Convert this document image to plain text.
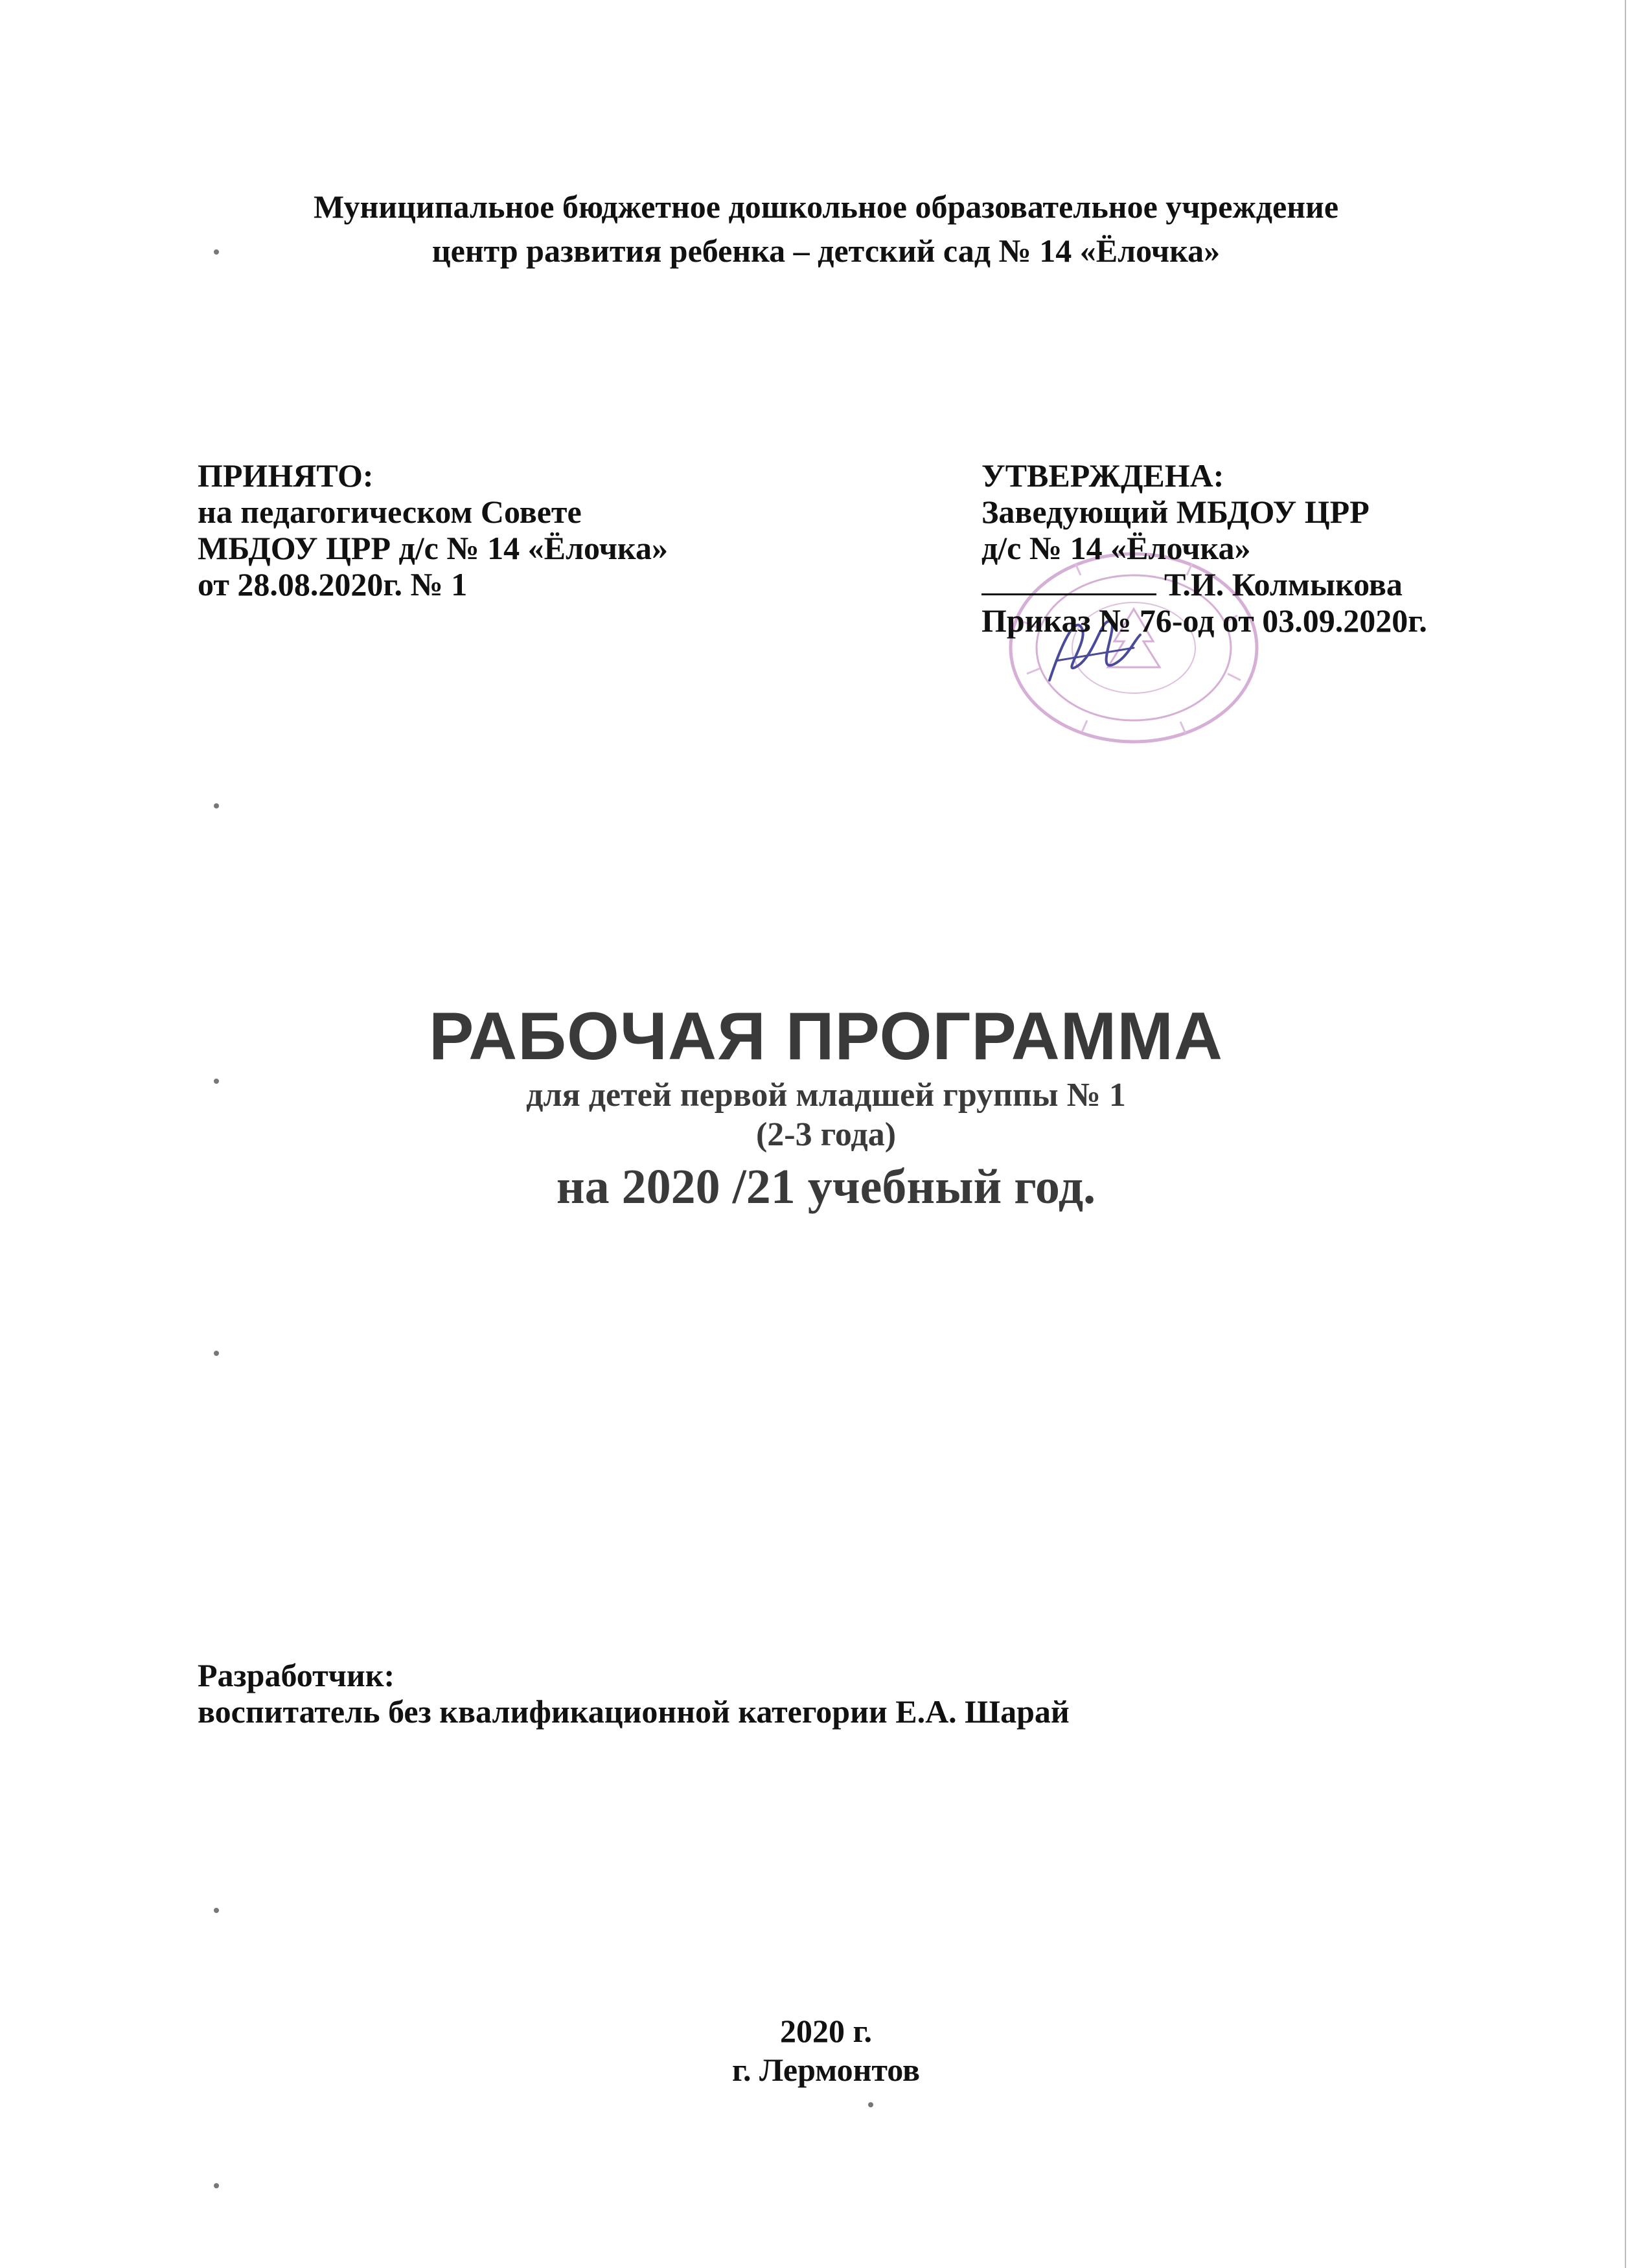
Муниципальное бюджетное дошкольное образовательное учреждение
центр развития ребенка – детский сад № 14 «Ёлочка»
ПРИНЯТО:
на педагогическом Совете
МБДОУ ЦРР д/с № 14 «Ёлочка»
от 28.08.2020г. № 1
УТВЕРЖДЕНА:
Заведующий МБДОУ ЦРР
д/с № 14 «Ёлочка»
Т.И. Колмыкова
Приказ № 76-од от 03.09.2020г.
РАБОЧАЯ ПРОГРАММА
для детей первой младшей группы № 1
(2-3 года)
на 2020 /21 учебный год.
Разработчик:
воспитатель без квалификационной категории Е.А. Шарай
2020 г.
г. Лермонтов
